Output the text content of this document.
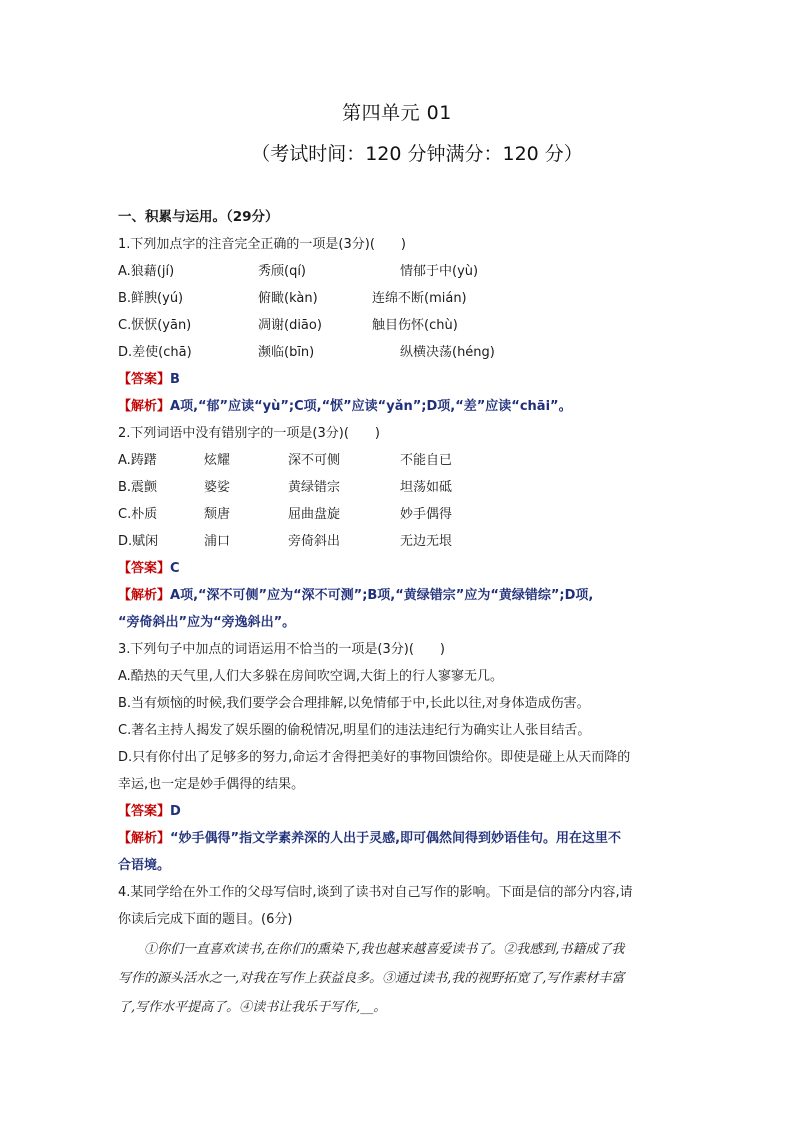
第四单元 01
（考试时间：120 分钟满分：120 分）
一、积累与运用。（29分）
1.下列加点字的注音完全正确的一项是(3分)(　　)
A.狼藉(jí)	秀颀(qí)	情郁于中(yù)
B.鲜腴(yú)	俯瞰(kàn)	连绵不断(mián)
C.恹恹(yān)	凋谢(diāo)	触目伤怀(chù)
D.差使(chā)	濒临(bīn)	纵横决荡(héng)
【答案】B
【解析】A项,“郁”应读“yù”;C项,“恹”应读“yǎn”;D项,“差”应读“chāi”。
2.下列词语中没有错别字的一项是(3分)(　　)
A.踌躇	炫耀	深不可侧	不能自已
B.震颤	婆娑	黄绿错宗	坦荡如砥
C.朴质	颓唐	屈曲盘旋	妙手偶得
D.赋闲	浦口	旁倚斜出	无边无垠
【答案】C
【解析】A项,“深不可侧”应为“深不可测”;B项,“黄绿错宗”应为“黄绿错综”;D项,
“旁倚斜出”应为“旁逸斜出”。
3.下列句子中加点的词语运用不恰当的一项是(3分)(　　)
A.酷热的天气里,人们大多躲在房间吹空调,大街上的行人寥寥无几。
B.当有烦恼的时候,我们要学会合理排解,以免情郁于中,长此以往,对身体造成伤害。
C.著名主持人揭发了娱乐圈的偷税情况,明星们的违法违纪行为确实让人张目结舌。
D.只有你付出了足够多的努力,命运才舍得把美好的事物回馈给你。即使是碰上从天而降的
幸运,也一定是妙手偶得的结果。
【答案】D
【解析】“妙手偶得”指文学素养深的人出于灵感,即可偶然间得到妙语佳句。用在这里不
合语境。
4.某同学给在外工作的父母写信时,谈到了读书对自己写作的影响。下面是信的部分内容,请
你读后完成下面的题目。(6分)
①你们一直喜欢读书,在你们的熏染下,我也越来越喜爱读书了。②我感到,书籍成了我
写作的源头活水之一,对我在写作上获益良多。③通过读书,我的视野拓宽了,写作素材丰富
了,写作水平提高了。④读书让我乐于写作,__。
